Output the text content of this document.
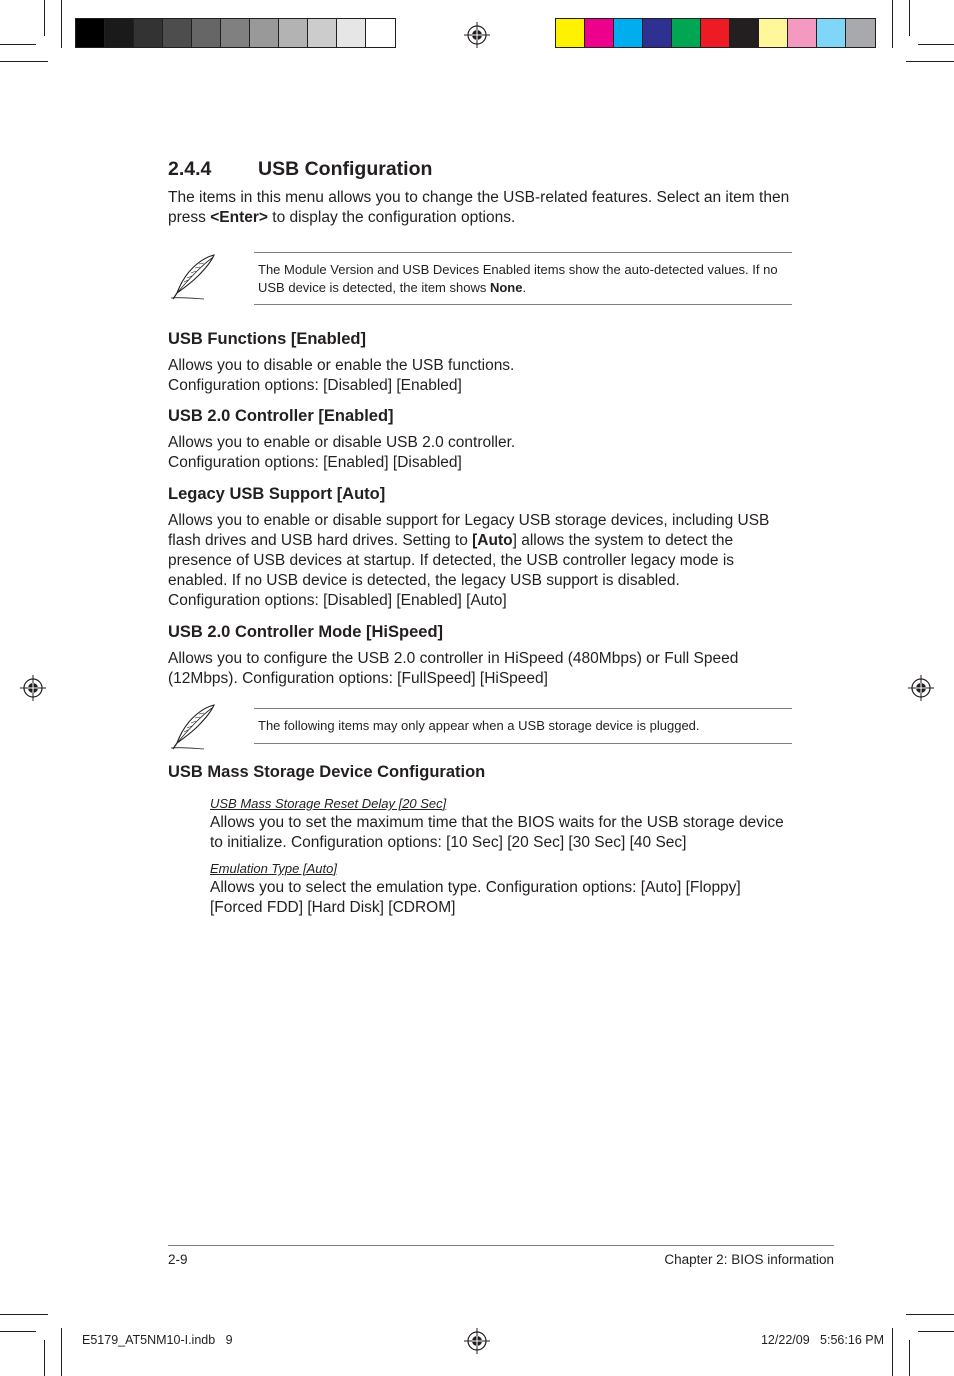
2.4.4 USB Configuration

The items in this menu allows you to change the USB-related features. Select an item then press <Enter> to display the configuration options.

The Module Version and USB Devices Enabled items show the auto-detected values. If no USB device is detected, the item shows None.
USB Functions [Enabled]

Allows you to disable or enable the USB functions.

Configuration options: [Disabled] [Enabled]

USB 2.0 Controller [Enabled]

Allows you to enable or disable USB 2.0 controller.

Configuration options: [Enabled] [Disabled]

Legacy USB Support [Auto]

Allows you to enable or disable support for Legacy USB storage devices, including USB flash drives and USB hard drives. Setting to [Auto] allows the system to detect the presence of USB devices at startup. If detected, the USB controller legacy mode is enabled. If no USB device is detected, the legacy USB support is disabled.

Configuration options: [Disabled] [Enabled] [Auto]

USB 2.0 Controller Mode [HiSpeed]

Allows you to configure the USB 2.0 controller in HiSpeed (480Mbps) or Full Speed (12Mbps). Configuration options: [FullSpeed] [HiSpeed]

The following items may only appear when a USB storage device is plugged.
USB Mass Storage Device Configuration

USB Mass Storage Reset Delay [20 Sec]

Allows you to set the maximum time that the BIOS waits for the USB storage device to initialize. Configuration options: [10 Sec] [20 Sec] [30 Sec] [40 Sec]

Emulation Type [Auto]

Allows you to select the emulation type. Configuration options: [Auto] [Floppy] [Forced FDD] [Hard Disk] [CDROM]

2-9	Chapter 2: BIOS information
E5179_AT5NM10-I.indb   9	12/22/09   5:56:16 PM
